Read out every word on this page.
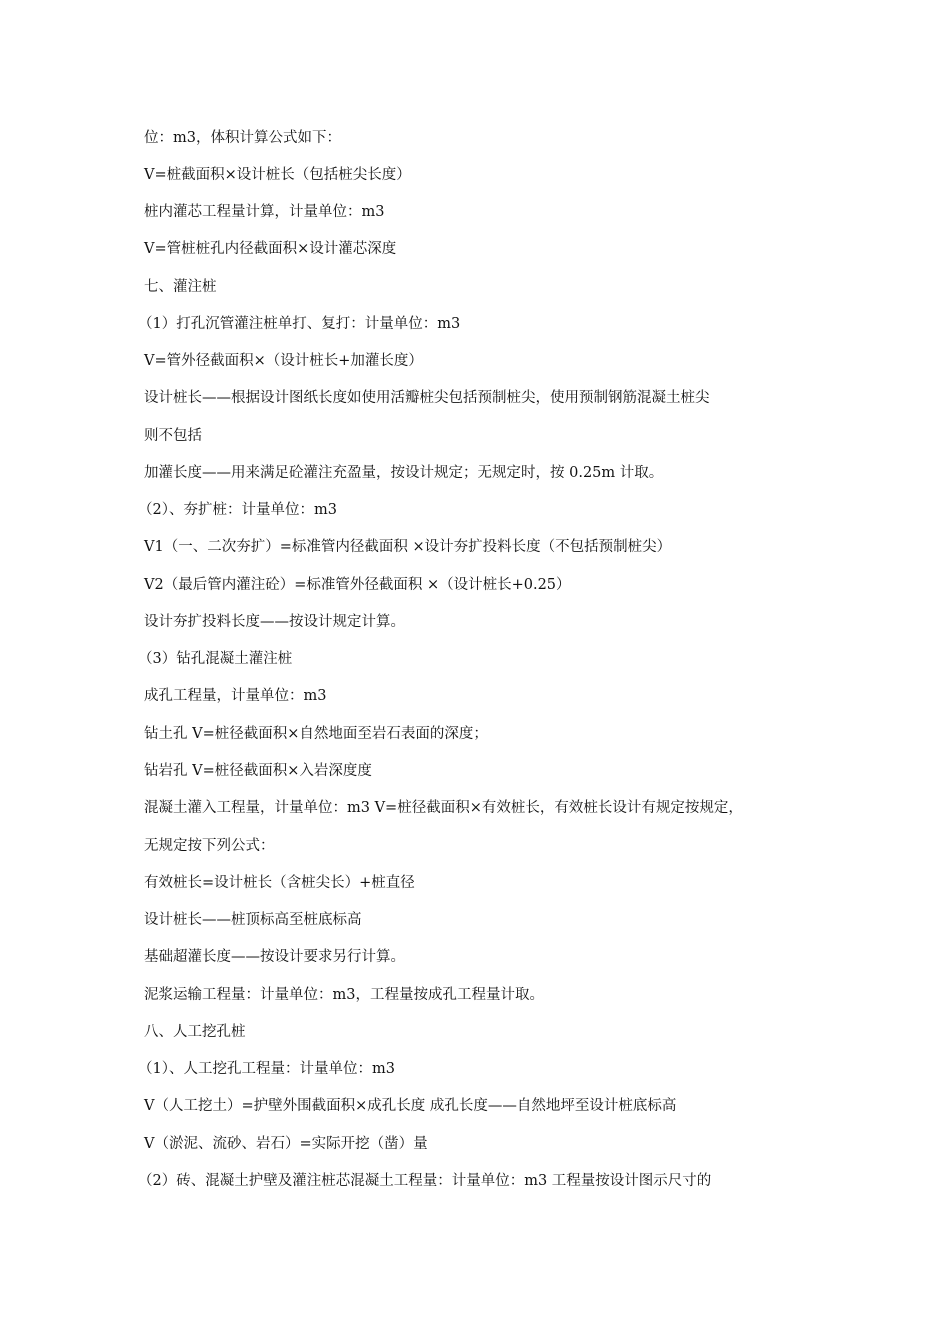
位：m3，体积计算公式如下：
V=桩截面积×设计桩长（包括桩尖长度）
桩内灌芯工程量计算，计量单位：m3
V=管桩桩孔内径截面积×设计灌芯深度
七、灌注桩
（1）打孔沉管灌注桩单打、复打：计量单位：m3
V=管外径截面积×（设计桩长+加灌长度）
设计桩长——根据设计图纸长度如使用活瓣桩尖包括预制桩尖，使用预制钢筋混凝土桩尖
则不包括
加灌长度——用来满足砼灌注充盈量，按设计规定；无规定时，按 0.25m 计取。
（2）、夯扩桩：计量单位：m3
V1（一、二次夯扩）=标准管内径截面积 ×设计夯扩投料长度（不包括预制桩尖）
V2（最后管内灌注砼）=标准管外径截面积 ×（设计桩长+0.25）
设计夯扩投料长度——按设计规定计算。
（3）钻孔混凝土灌注桩
成孔工程量，计量单位：m3
钻土孔 V=桩径截面积×自然地面至岩石表面的深度；
钻岩孔 V=桩径截面积×入岩深度度
混凝土灌入工程量，计量单位：m3 V=桩径截面积×有效桩长，有效桩长设计有规定按规定，
无规定按下列公式：
有效桩长=设计桩长（含桩尖长）+桩直径
设计桩长——桩顶标高至桩底标高
基础超灌长度——按设计要求另行计算。
泥浆运输工程量：计量单位：m3，工程量按成孔工程量计取。
八、人工挖孔桩
（1）、人工挖孔工程量：计量单位：m3
V（人工挖土）=护壁外围截面积×成孔长度 成孔长度——自然地坪至设计桩底标高
V（淤泥、流砂、岩石）=实际开挖（凿）量
（2）砖、混凝土护壁及灌注桩芯混凝土工程量：计量单位：m3 工程量按设计图示尺寸的
